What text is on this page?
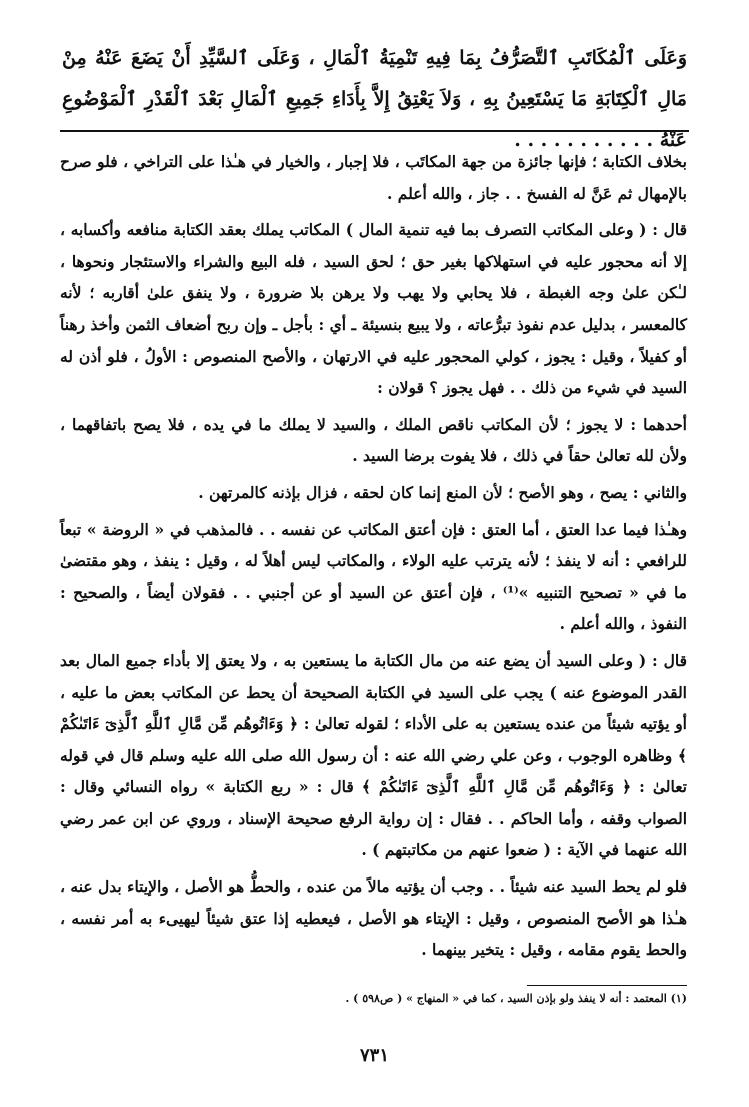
وَعَلَى ٱلْمُكَاتَبِ ٱلتَّصَرُّفُ بِمَا فِيهِ تَنْمِيَةُ ٱلْمَالِ ، وَعَلَى ٱلسَّيِّدِ أَنْ يَضَعَ عَنْهُ مِنْ مَالِ ٱلْكِتَابَةِ مَا يَسْتَعِينُ بِهِ ، وَلاَ يَعْتِقُ إِلاَّ بِأَدَاءِ جَمِيعِ ٱلْمَالِ بَعْدَ ٱلْقَدْرِ ٱلْمَوْضُوعِ عَنْهُ . . . . . . . . . . .

بخلاف الكتابة ؛ فإنها جائزة من جهة المكاتَب ، فلا إجبار ، والخيار في هـٰذا على التراخي ، فلو صرح بالإمهال ثم عَنَّ له الفسخ . . جاز ، والله أعلم .

قال : ( وعلى المكاتب التصرف بما فيه تنمية المال ) المكاتب يملك بعقد الكتابة منافعه وأكسابه ، إلا أنه محجور عليه في استهلاكها بغير حق ؛ لحق السيد ، فله البيع والشراء والاستئجار ونحوها ، لـٰكن علىٰ وجه الغبطة ، فلا يحابي ولا يهب ولا يرهن بلا ضرورة ، ولا ينفق علىٰ أقاربه ؛ لأنه كالمعسر ، بدليل عدم نفوذ تبرُّعاته ، ولا يبيع بنسيئة ـ أي : بأجل ـ وإن ربح أضعاف الثمن وأخذ رهناً أو كفيلاً ، وقيل : يجوز ، كولي المحجور عليه في الارتهان ، والأصح المنصوص : الأولُ ، فلو أذن له السيد في شيء من ذلك . . فهل يجوز ؟ قولان :

أحدهما : لا يجوز ؛ لأن المكاتب ناقص الملك ، والسيد لا يملك ما في يده ، فلا يصح باتفاقهما ، ولأن لله تعالىٰ حقاً في ذلك ، فلا يفوت برضا السيد .

والثاني : يصح ، وهو الأصح ؛ لأن المنع إنما كان لحقه ، فزال بإذنه كالمرتهن .

وهـٰذا فيما عدا العتق ، أما العتق : فإن أعتق المكاتب عن نفسه . . فالمذهب في « الروضة » تبعاً للرافعي : أنه لا ينفذ ؛ لأنه يترتب عليه الولاء ، والمكاتب ليس أهلاً له ، وقيل : ينفذ ، وهو مقتضىٰ ما في « تصحيح التنبيه »⁽¹⁾ ، فإن أعتق عن السيد أو عن أجنبي . . فقولان أيضاً ، والصحيح : النفوذ ، والله أعلم .

قال : ( وعلى السيد أن يضع عنه من مال الكتابة ما يستعين به ، ولا يعتق إلا بأداء جميع المال بعد القدر الموضوع عنه ) يجب على السيد في الكتابة الصحيحة أن يحط عن المكاتب بعض ما عليه ، أو يؤتيه شيئاً من عنده يستعين به على الأداء ؛ لقوله تعالىٰ : ﴿ وَءَاتُوهُم مِّن مَّالِ ٱللَّهِ ٱلَّذِىٓ ءَاتَىٰكُمْ ﴾ وظاهره الوجوب ، وعن علي رضي الله عنه : أن رسول الله صلى الله عليه وسلم قال في قوله تعالىٰ : ﴿ وَءَاتُوهُم مِّن مَّالِ ٱللَّهِ ٱلَّذِىٓ ءَاتَىٰكُمْ ﴾ قال : « ربع الكتابة » رواه النسائي وقال : الصواب وقفه ، وأما الحاكم . . فقال : إن رواية الرفع صحيحة الإسناد ، وروي عن ابن عمر رضي الله عنهما في الآية : ( ضعوا عنهم من مكاتبتهم ) .

فلو لم يحط السيد عنه شيئاً . . وجب أن يؤتيه مالاً من عنده ، والحطُّ هو الأصل ، والإيتاء بدل عنه ، هـٰذا هو الأصح المنصوص ، وقيل : الإيتاء هو الأصل ، فيعطيه إذا عتق شيئاً ليهيىء به أمر نفسه ، والحط يقوم مقامه ، وقيل : يتخير بينهما .

(١) المعتمد : أنه لا ينفذ ولو بإذن السيد ، كما في « المنهاج » ( ص٥٩٨ ) .
٧٣١
